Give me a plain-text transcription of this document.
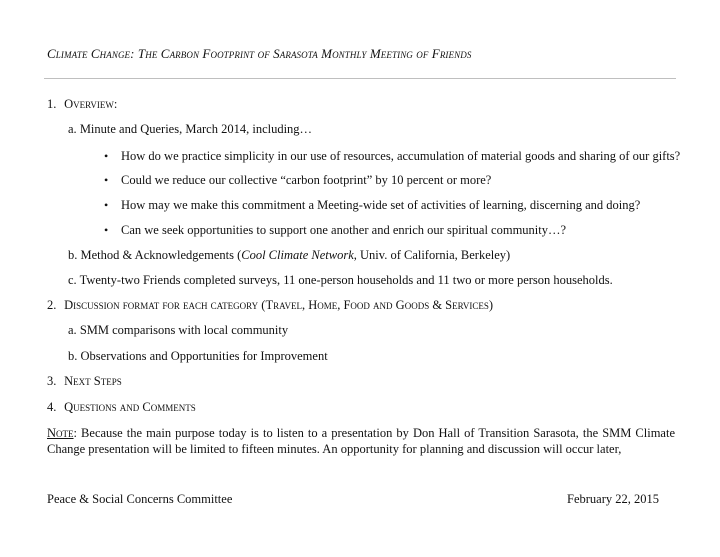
Climate Change: The Carbon Footprint of Sarasota Monthly Meeting of Friends
1. Overview:
a. Minute and Queries, March 2014, including…
• How do we practice simplicity in our use of resources, accumulation of material goods and sharing of our gifts?
• Could we reduce our collective “carbon footprint” by 10 percent or more?
• How may we make this commitment a Meeting-wide set of activities of learning, discerning and doing?
• Can we seek opportunities to support one another and enrich our spiritual community…?
b. Method & Acknowledgements (Cool Climate Network, Univ. of California, Berkeley)
c. Twenty-two Friends completed surveys, 11 one-person households and 11 two or more person households.
2. Discussion format for each category (Travel, Home, Food and Goods & Services)
a. SMM comparisons with local community
b. Observations and Opportunities for Improvement
3. Next Steps
4. Questions and Comments
Note: Because the main purpose today is to listen to a presentation by Don Hall of Transition Sarasota, the SMM Climate Change presentation will be limited to fifteen minutes. An opportunity for planning and discussion will occur later,
Peace & Social Concerns Committee	February 22, 2015
